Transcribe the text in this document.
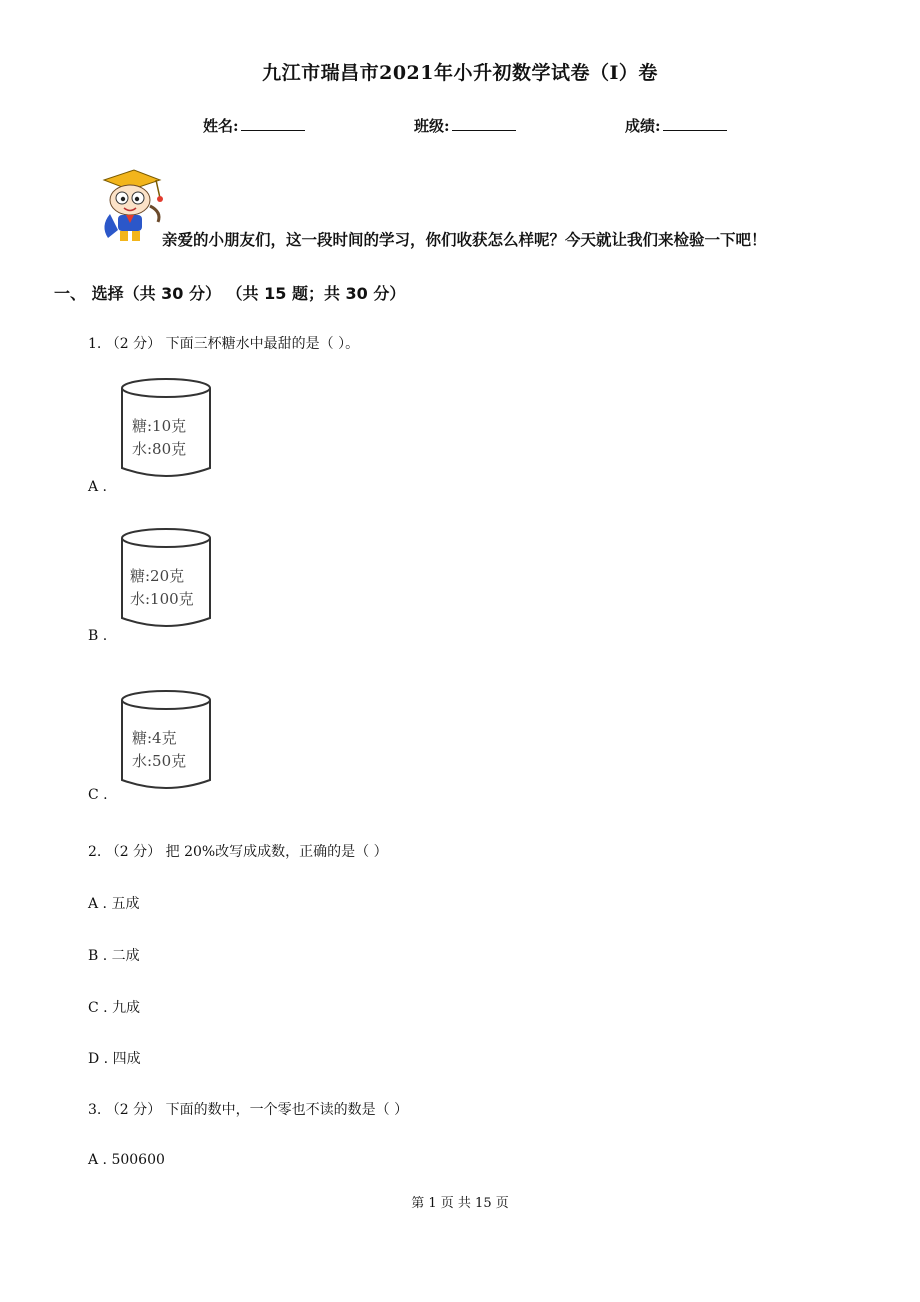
九江市瑞昌市2021年小升初数学试卷（I）卷
姓名:	班级:	成绩:
亲爱的小朋友们，这一段时间的学习，你们收获怎么样呢？今天就让我们来检验一下吧！
一、 选择（共 30 分） （共 15 题；共 30 分）
1. （2 分） 下面三杯糖水中最甜的是（ ）。
糖:10克
水:80克
A .
糖:20克
水:100克
B .
糖:4克
水:50克
C .
2. （2 分） 把 20%改写成成数，正确的是（ ）
A . 五成
B . 二成
C . 九成
D . 四成
3. （2 分） 下面的数中，一个零也不读的数是（ ）
A . 500600
第 1 页 共 15 页
